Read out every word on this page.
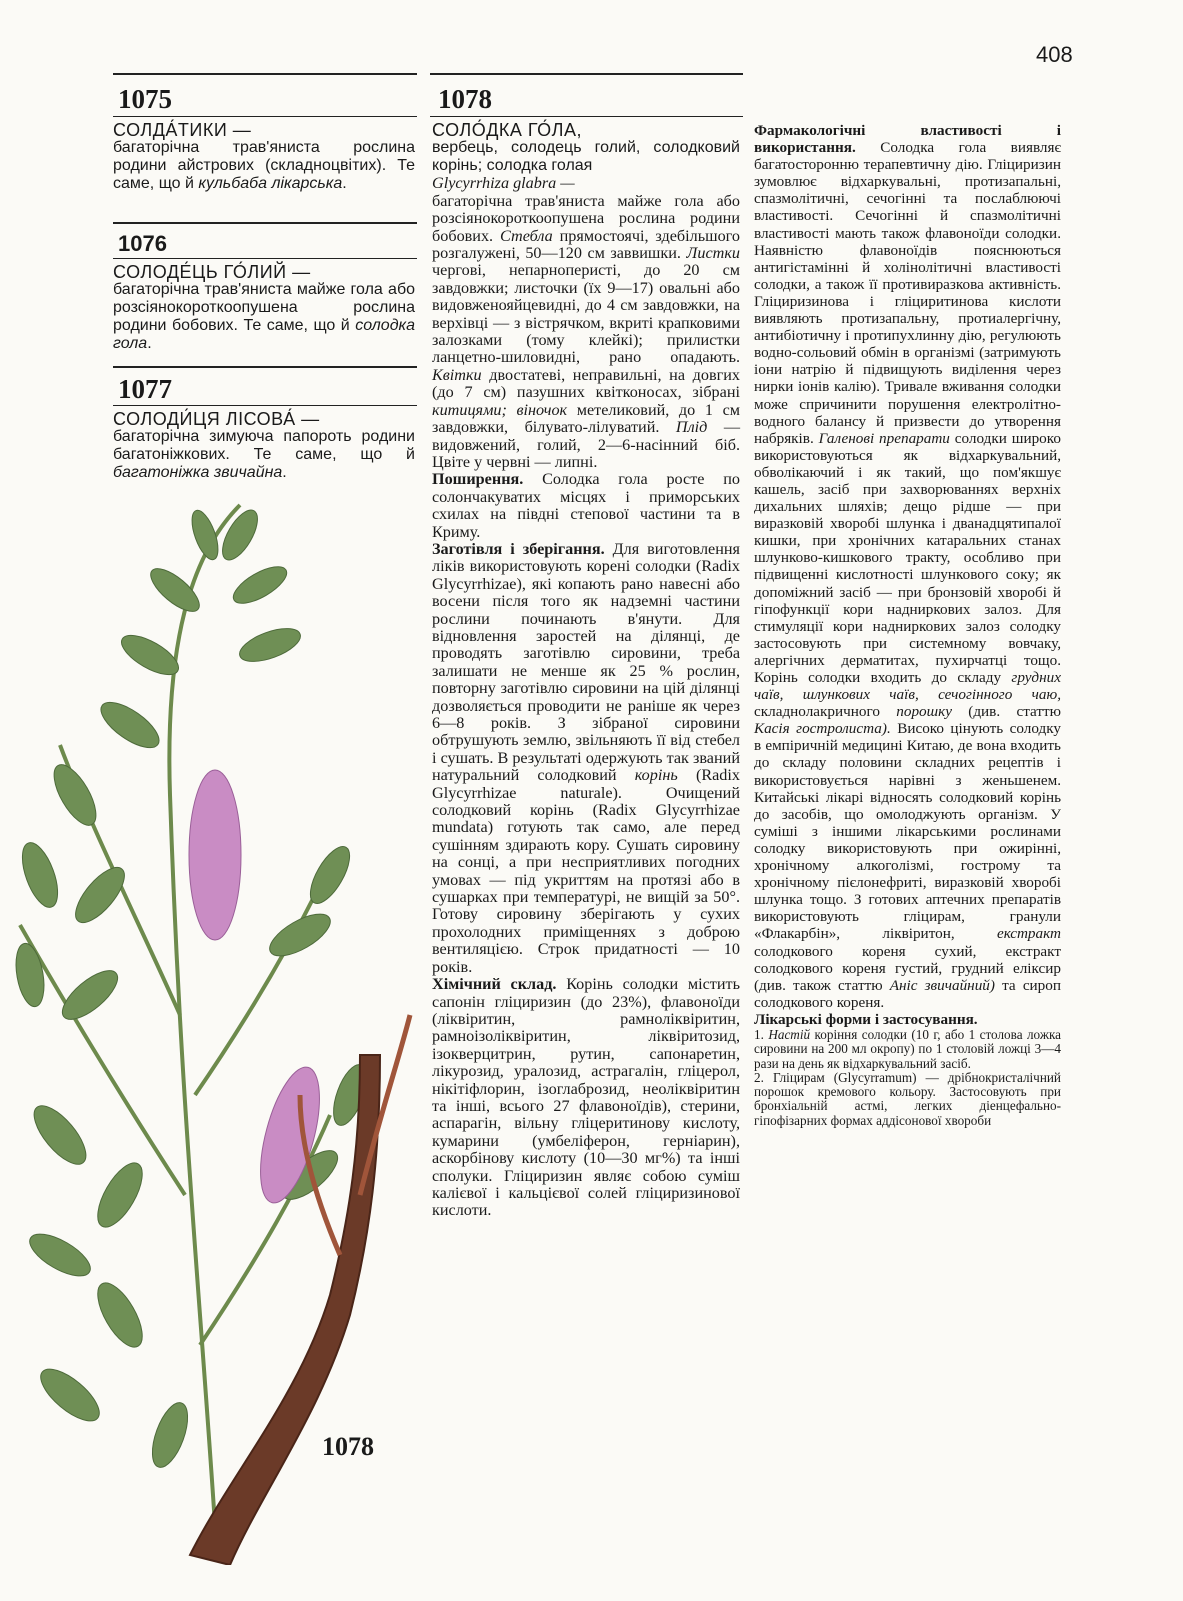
408
1075

СОЛДА́ТИКИ —

багаторічна трав'яниста рослина родини айстрових (складноцвітих). Те саме, що й кульбаба лікарська.

1076

СОЛОДЕ́ЦЬ ГО́ЛИЙ —

багаторічна трав'яниста майже гола або розсіянокороткоопушена рослина родини бобових. Те саме, що й солодка гола.

1077

СОЛОДИ́ЦЯ ЛІСОВА́ —

багаторічна зимуюча папороть родини багатоніжкових. Те саме, що й багатоніжка звичайна.

1078
1078

СОЛО́ДКА ГО́ЛА,

вербець, солодець голий, солодковий корінь; солодка голая

Glycyrrhiza glabra —

багаторічна трав'яниста майже гола або розсіянокороткоопушена рослина родини бобових. Стебла прямостоячі, здебільшого розгалужені, 50—120 см заввишки. Листки чергові, непарноперисті, до 20 см завдовжки; листочки (їх 9—17) овальні або видовженояйцевидні, до 4 см завдовжки, на верхівці — з вістрячком, вкриті крапковими залозками (тому клейкі); прилистки ланцетно-шиловидні, рано опадають. Квітки двостатеві, неправильні, на довгих (до 7 см) пазушних квітконосах, зібрані китицями; віночок метеликовий, до 1 см завдовжки, білувато-лілуватий. Плід — видовжений, голий, 2—6-насінний біб. Цвіте у червні — липні.

Поширення. Солодка гола росте по солончакуватих місцях і приморських схилах на півдні степової частини та в Криму.

Заготівля і зберігання. Для виготовлення ліків використовують корені солодки (Radix Glycyrrhizae), які копають рано навесні або восени після того як надземні частини рослини починають в'янути. Для відновлення заростей на ділянці, де проводять заготівлю сировини, треба залишати не менше як 25 % рослин, повторну заготівлю сировини на цій ділянці дозволяється проводити не раніше як через 6—8 років. З зібраної сировини обтрушують землю, звільняють її від стебел і сушать. В результаті одержують так званий натуральний солодковий корінь (Radix Glycyrrhizae naturale). Очищений солодковий корінь (Radix Glycyrrhizae mundata) готують так само, але перед сушінням здирають кору. Сушать сировину на сонці, а при несприятливих погодних умовах — під укриттям на протязі або в сушарках при температурі, не вищій за 50°. Готову сировину зберігають у сухих прохолодних приміщеннях з доброю вентиляцією. Строк придатності — 10 років.

Хімічний склад. Корінь солодки містить сапонін гліциризин (до 23%), флавоноїди (ліквіритин, рамноліквіритин, рамноізоліквіритин, ліквіритозид, ізокверцитрин, рутин, сапонаретин, лікурозид, уралозид, астрагалін, гліцерол, нікітіфлорин, ізоглаброзид, неоліквіритин та інші, всього 27 флавоноїдів), стерини, аспарагін, вільну гліцеритинову кислоту, кумарини (умбеліферон, герніарин), аскорбінову кислоту (10—30 мг%) та інші сполуки. Гліциризин являє собою суміш калієвої і кальцієвої солей гліциризинової кислоти.

Фармакологічні властивості і використання. Солодка гола виявляє багатосторонню терапевтичну дію. Гліциризин зумовлює відхаркувальні, протизапальні, спазмолітичні, сечогінні та послаблюючі властивості. Сечогінні й спазмолітичні властивості мають також флавоноїди солодки. Наявністю флавоноїдів пояснюються антигістамінні й холінолітичні властивості солодки, а також її противиразкова активність. Гліциризинова і гліциритинова кислоти виявляють протизапальну, протиалергічну, антибіотичну і протипухлинну дію, регулюють водно-сольовий обмін в організмі (затримують іони натрію й підвищують виділення через нирки іонів калію). Тривале вживання солодки може спричинити порушення електролітно-водного балансу й призвести до утворення набряків. Галенові препарати солодки широко використовуються як відхаркувальний, обволікаючий і як такий, що пом'якшує кашель, засіб при захворюваннях верхніх дихальних шляхів; дещо рідше — при виразковій хворобі шлунка і дванадцятипалої кишки, при хронічних катаральних станах шлунково-кишкового тракту, особливо при підвищенні кислотності шлункового соку; як допоміжний засіб — при бронзовій хворобі й гіпофункції кори надниркових залоз. Для стимуляції кори надниркових залоз солодку застосовують при системному вовчаку, алергічних дерматитах, пухирчатці тощо. Корінь солодки входить до складу грудних чаїв, шлункових чаїв, сечогінного чаю, складнолакричного порошку (див. статтю Касія гостролиста). Високо цінують солодку в емпіричній медицині Китаю, де вона входить до складу половини складних рецептів і використовується нарівні з женьшенем. Китайські лікарі відносять солодковий корінь до засобів, що омолоджують організм. У суміші з іншими лікарськими рослинами солодку використовують при ожирінні, хронічному алкоголізмі, гострому та хронічному пієлонефриті, виразковій хворобі шлунка тощо. З готових аптечних препаратів використовують гліцирам, гранули «Флакарбін», ліквіритон, екстракт солодкового кореня сухий, екстракт солодкового кореня густий, грудний еліксир (див. також статтю Аніс звичайний) та сироп солодкового кореня.

Лікарські форми і застосування.

1. Настій коріння солодки (10 г, або 1 столова ложка сировини на 200 мл окропу) по 1 столовій ложці 3—4 рази на день як відхаркувальний засіб.

2. Гліцирам (Glycyrramum) — дрібнокристалічний порошок кремового кольору. Застосовують при бронхіальній астмі, легких діенцефально-гіпофізарних формах аддісонової хвороби
